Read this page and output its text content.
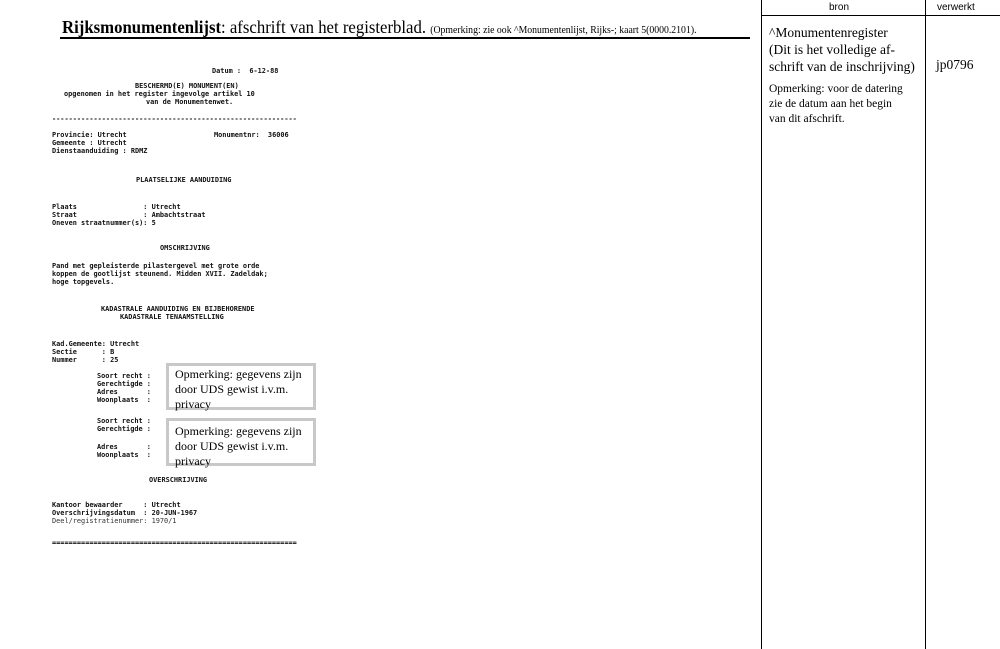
Rijksmonumentenlijst: afschrift van het registerblad. (Opmerking: zie ook ^Monumentenlijst, Rijks-; kaart 5(0000.2101).
bron	verwerkt
^Monumentenregister
(Dit is het volledige af-
schrift van de inschrijving)
Opmerking: voor de datering
zie de datum aan het begin
van dit afschrift.
jp0796
Datum :  6-12-88
BESCHERMD(E) MONUMENT(EN)
opgenomen in het register ingevolge artikel 10
van de Monumentenwet.
-----------------------------------------------------------
Provincie: Utrecht	Monumentnr:  36006
Gemeente : Utrecht
Dienstaanduiding : RDMZ
PLAATSELIJKE AANDUIDING
Plaats                : Utrecht
Straat                : Ambachtstraat
Oneven straatnummer(s): 5
OMSCHRIJVING
Pand met gepleisterde pilastergevel met grote orde
koppen de gootlijst steunend. Midden XVII. Zadeldak;
hoge topgevels.
KADASTRALE AANDUIDING EN BIJBEHORENDE
KADASTRALE TENAAMSTELLING
Kad.Gemeente: Utrecht
Sectie      : B
Nummer      : 25
Soort recht :
Gerechtigde :
Adres       :
Woonplaats  :
Opmerking: gegevens zijn
door UDS gewist i.v.m.
privacy
Soort recht :
Gerechtigde :
Adres       :
Woonplaats  :
Opmerking: gegevens zijn
door UDS gewist i.v.m.
privacy
OVERSCHRIJVING
Kantoor bewaarder     : Utrecht
Overschrijvingsdatum  : 20-JUN-1967
Deel/registratienummer: 1970/1
===========================================================
